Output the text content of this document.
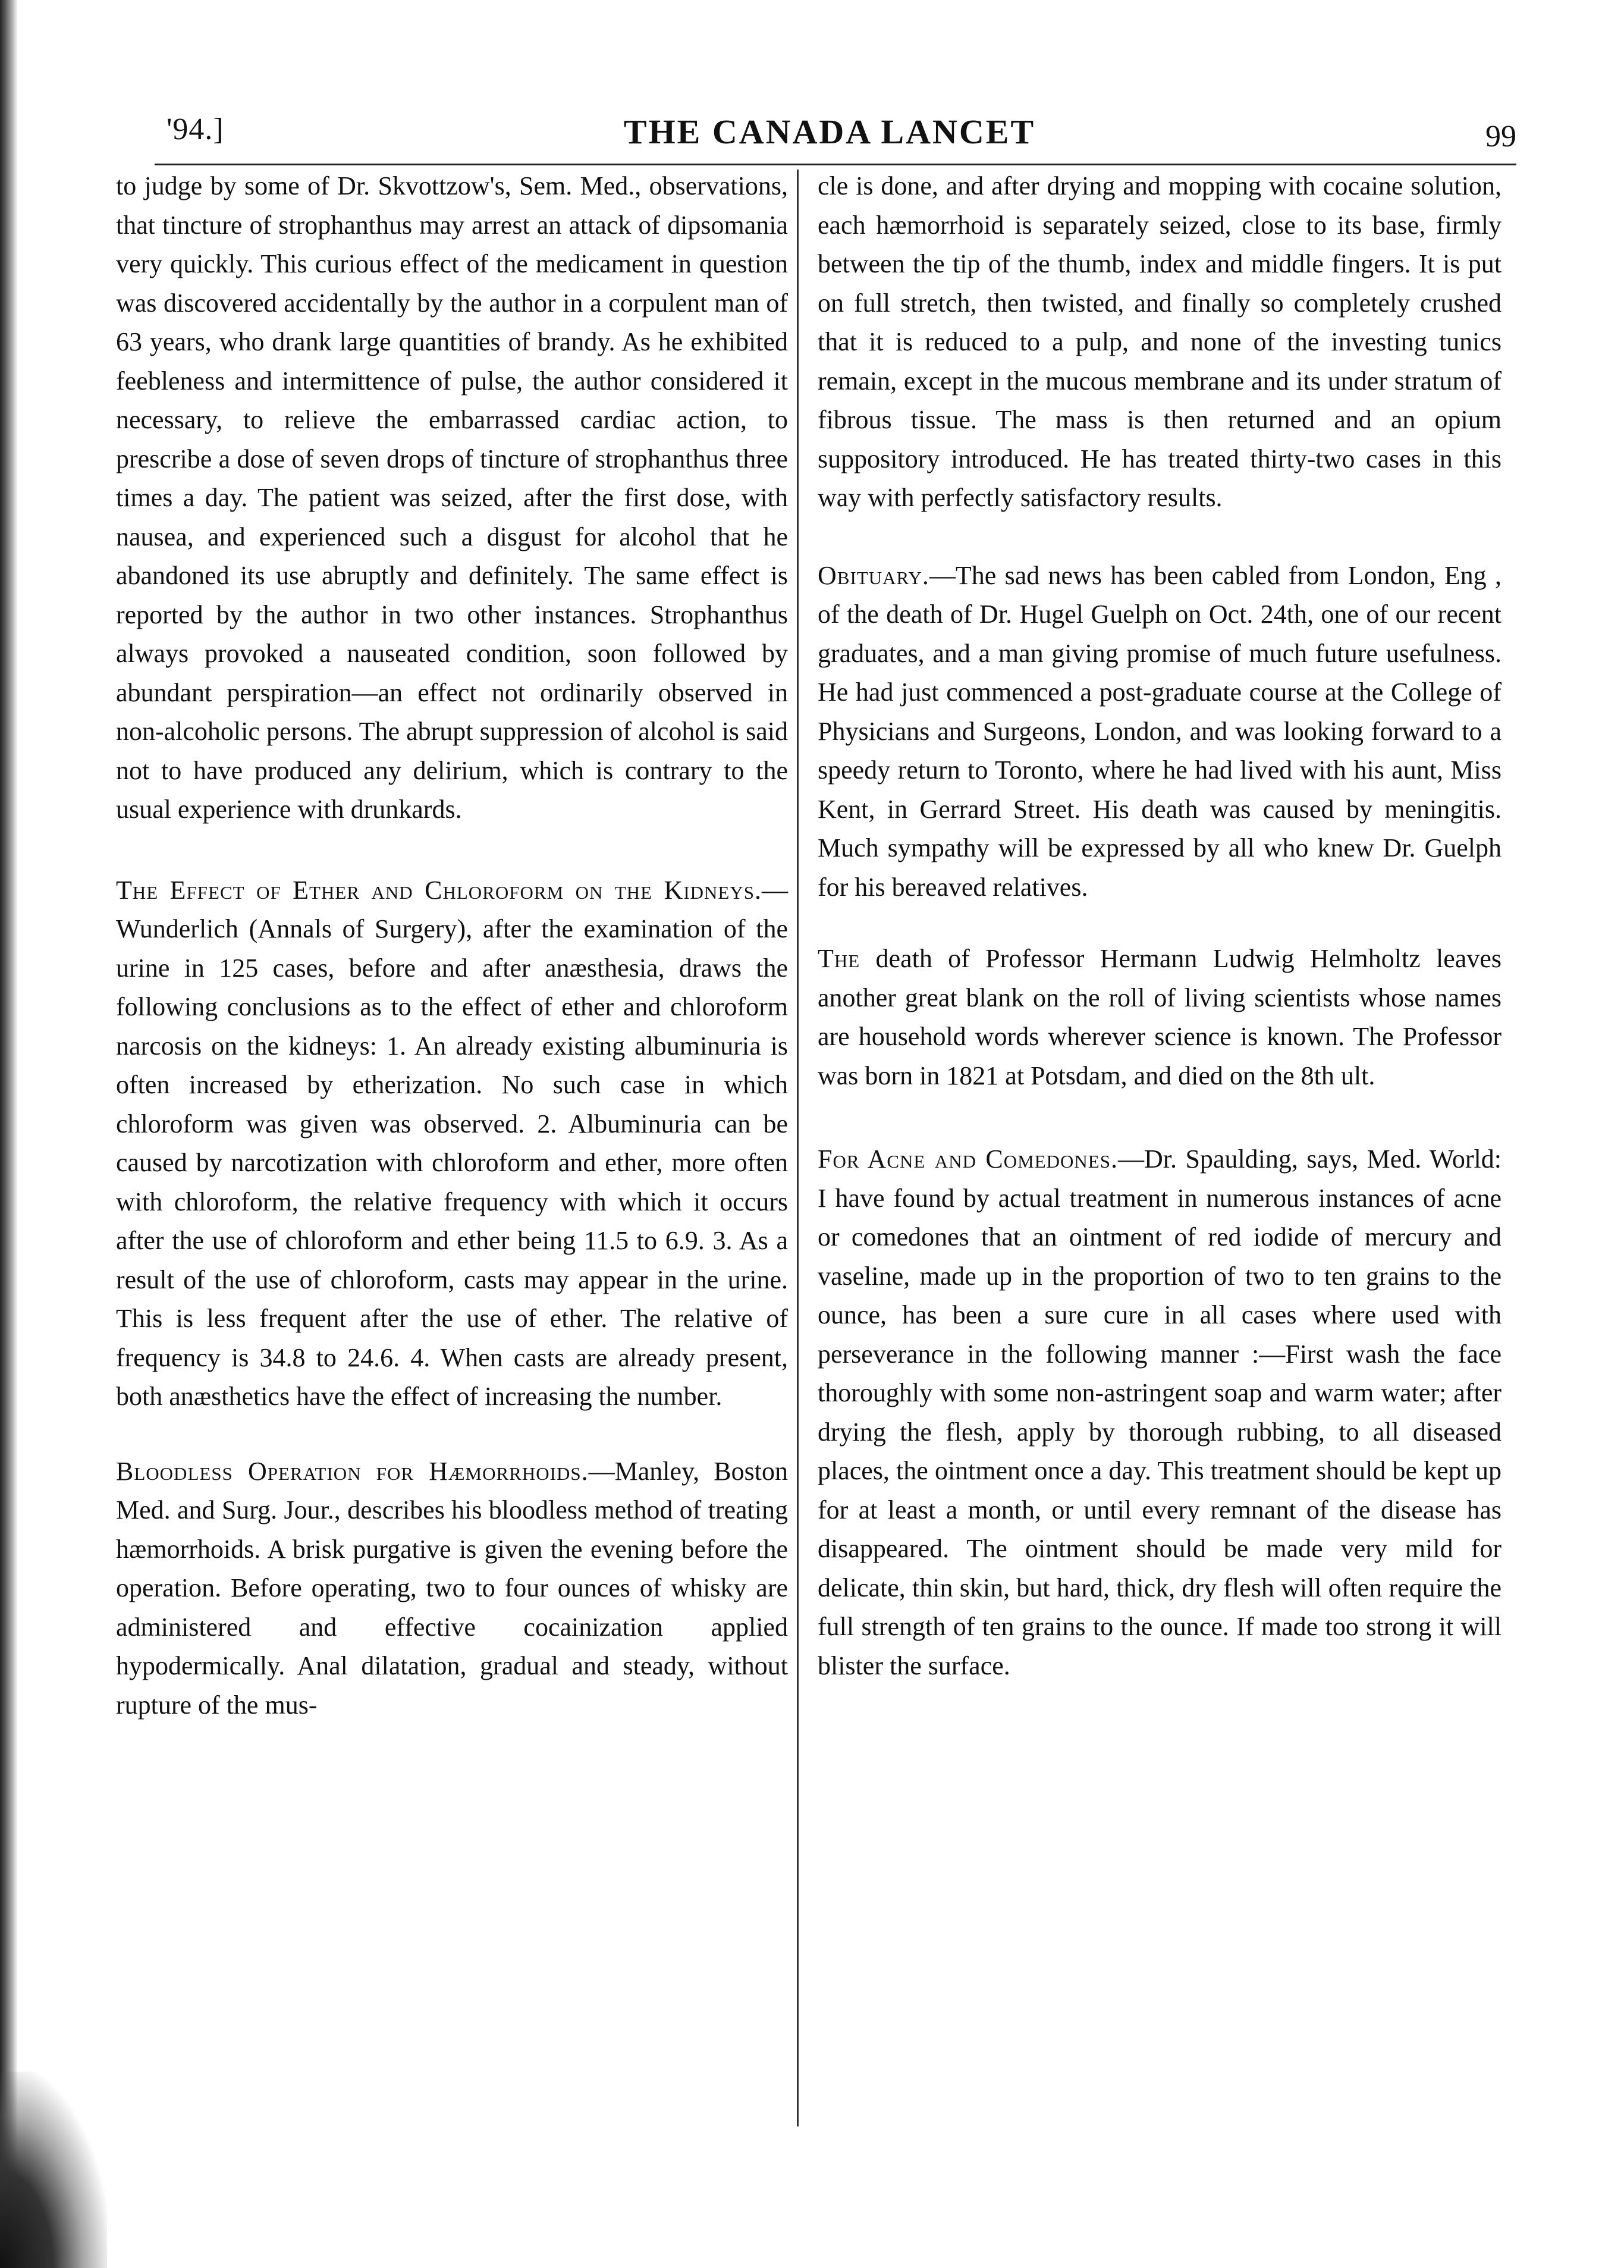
'94.]	THE CANADA LANCET	99

to judge by some of Dr. Skvottzow's, Sem. Med., observations, that tincture of strophanthus may arrest an attack of dipsomania very quickly. This curious effect of the medicament in question was discovered accidentally by the author in a corpulent man of 63 years, who drank large quantities of brandy. As he exhibited feebleness and intermittence of pulse, the author considered it necessary, to relieve the embarrassed cardiac action, to prescribe a dose of seven drops of tincture of strophanthus three times a day. The patient was seized, after the first dose, with nausea, and experienced such a disgust for alcohol that he abandoned its use abruptly and definitely. The same effect is reported by the author in two other instances. Strophanthus always provoked a nauseated condition, soon followed by abundant perspiration—an effect not ordinarily observed in non-alcoholic persons. The abrupt suppression of alcohol is said not to have produced any delirium, which is contrary to the usual experience with drunkards.

The Effect of Ether and Chloroform on the Kidneys.—Wunderlich (Annals of Surgery), after the examination of the urine in 125 cases, before and after anæsthesia, draws the following conclusions as to the effect of ether and chloroform narcosis on the kidneys: 1. An already existing albuminuria is often increased by etherization. No such case in which chloroform was given was observed. 2. Albuminuria can be caused by narcotization with chloroform and ether, more often with chloroform, the relative frequency with which it occurs after the use of chloroform and ether being 11.5 to 6.9. 3. As a result of the use of chloroform, casts may appear in the urine. This is less frequent after the use of ether. The relative of frequency is 34.8 to 24.6. 4. When casts are already present, both anæsthetics have the effect of increasing the number.

Bloodless Operation for Hæmorrhoids.—Manley, Boston Med. and Surg. Jour., describes his bloodless method of treating hæmorrhoids. A brisk purgative is given the evening before the operation. Before operating, two to four ounces of whisky are administered and effective cocainization applied hypodermically. Anal dilatation, gradual and steady, without rupture of the mus-

cle is done, and after drying and mopping with cocaine solution, each hæmorrhoid is separately seized, close to its base, firmly between the tip of the thumb, index and middle fingers. It is put on full stretch, then twisted, and finally so completely crushed that it is reduced to a pulp, and none of the investing tunics remain, except in the mucous membrane and its under stratum of fibrous tissue. The mass is then returned and an opium suppository introduced. He has treated thirty-two cases in this way with perfectly satisfactory results.

Obituary.—The sad news has been cabled from London, Eng , of the death of Dr. Hugel Guelph on Oct. 24th, one of our recent graduates, and a man giving promise of much future usefulness. He had just commenced a post-graduate course at the College of Physicians and Surgeons, London, and was looking forward to a speedy return to Toronto, where he had lived with his aunt, Miss Kent, in Gerrard Street. His death was caused by meningitis. Much sympathy will be expressed by all who knew Dr. Guelph for his bereaved relatives.

The death of Professor Hermann Ludwig Helmholtz leaves another great blank on the roll of living scientists whose names are household words wherever science is known. The Professor was born in 1821 at Potsdam, and died on the 8th ult.

For Acne and Comedones.—Dr. Spaulding, says, Med. World: I have found by actual treatment in numerous instances of acne or comedones that an ointment of red iodide of mercury and vaseline, made up in the proportion of two to ten grains to the ounce, has been a sure cure in all cases where used with perseverance in the following manner :—First wash the face thoroughly with some non-astringent soap and warm water; after drying the flesh, apply by thorough rubbing, to all diseased places, the ointment once a day. This treatment should be kept up for at least a month, or until every remnant of the disease has disappeared. The ointment should be made very mild for delicate, thin skin, but hard, thick, dry flesh will often require the full strength of ten grains to the ounce. If made too strong it will blister the surface.
